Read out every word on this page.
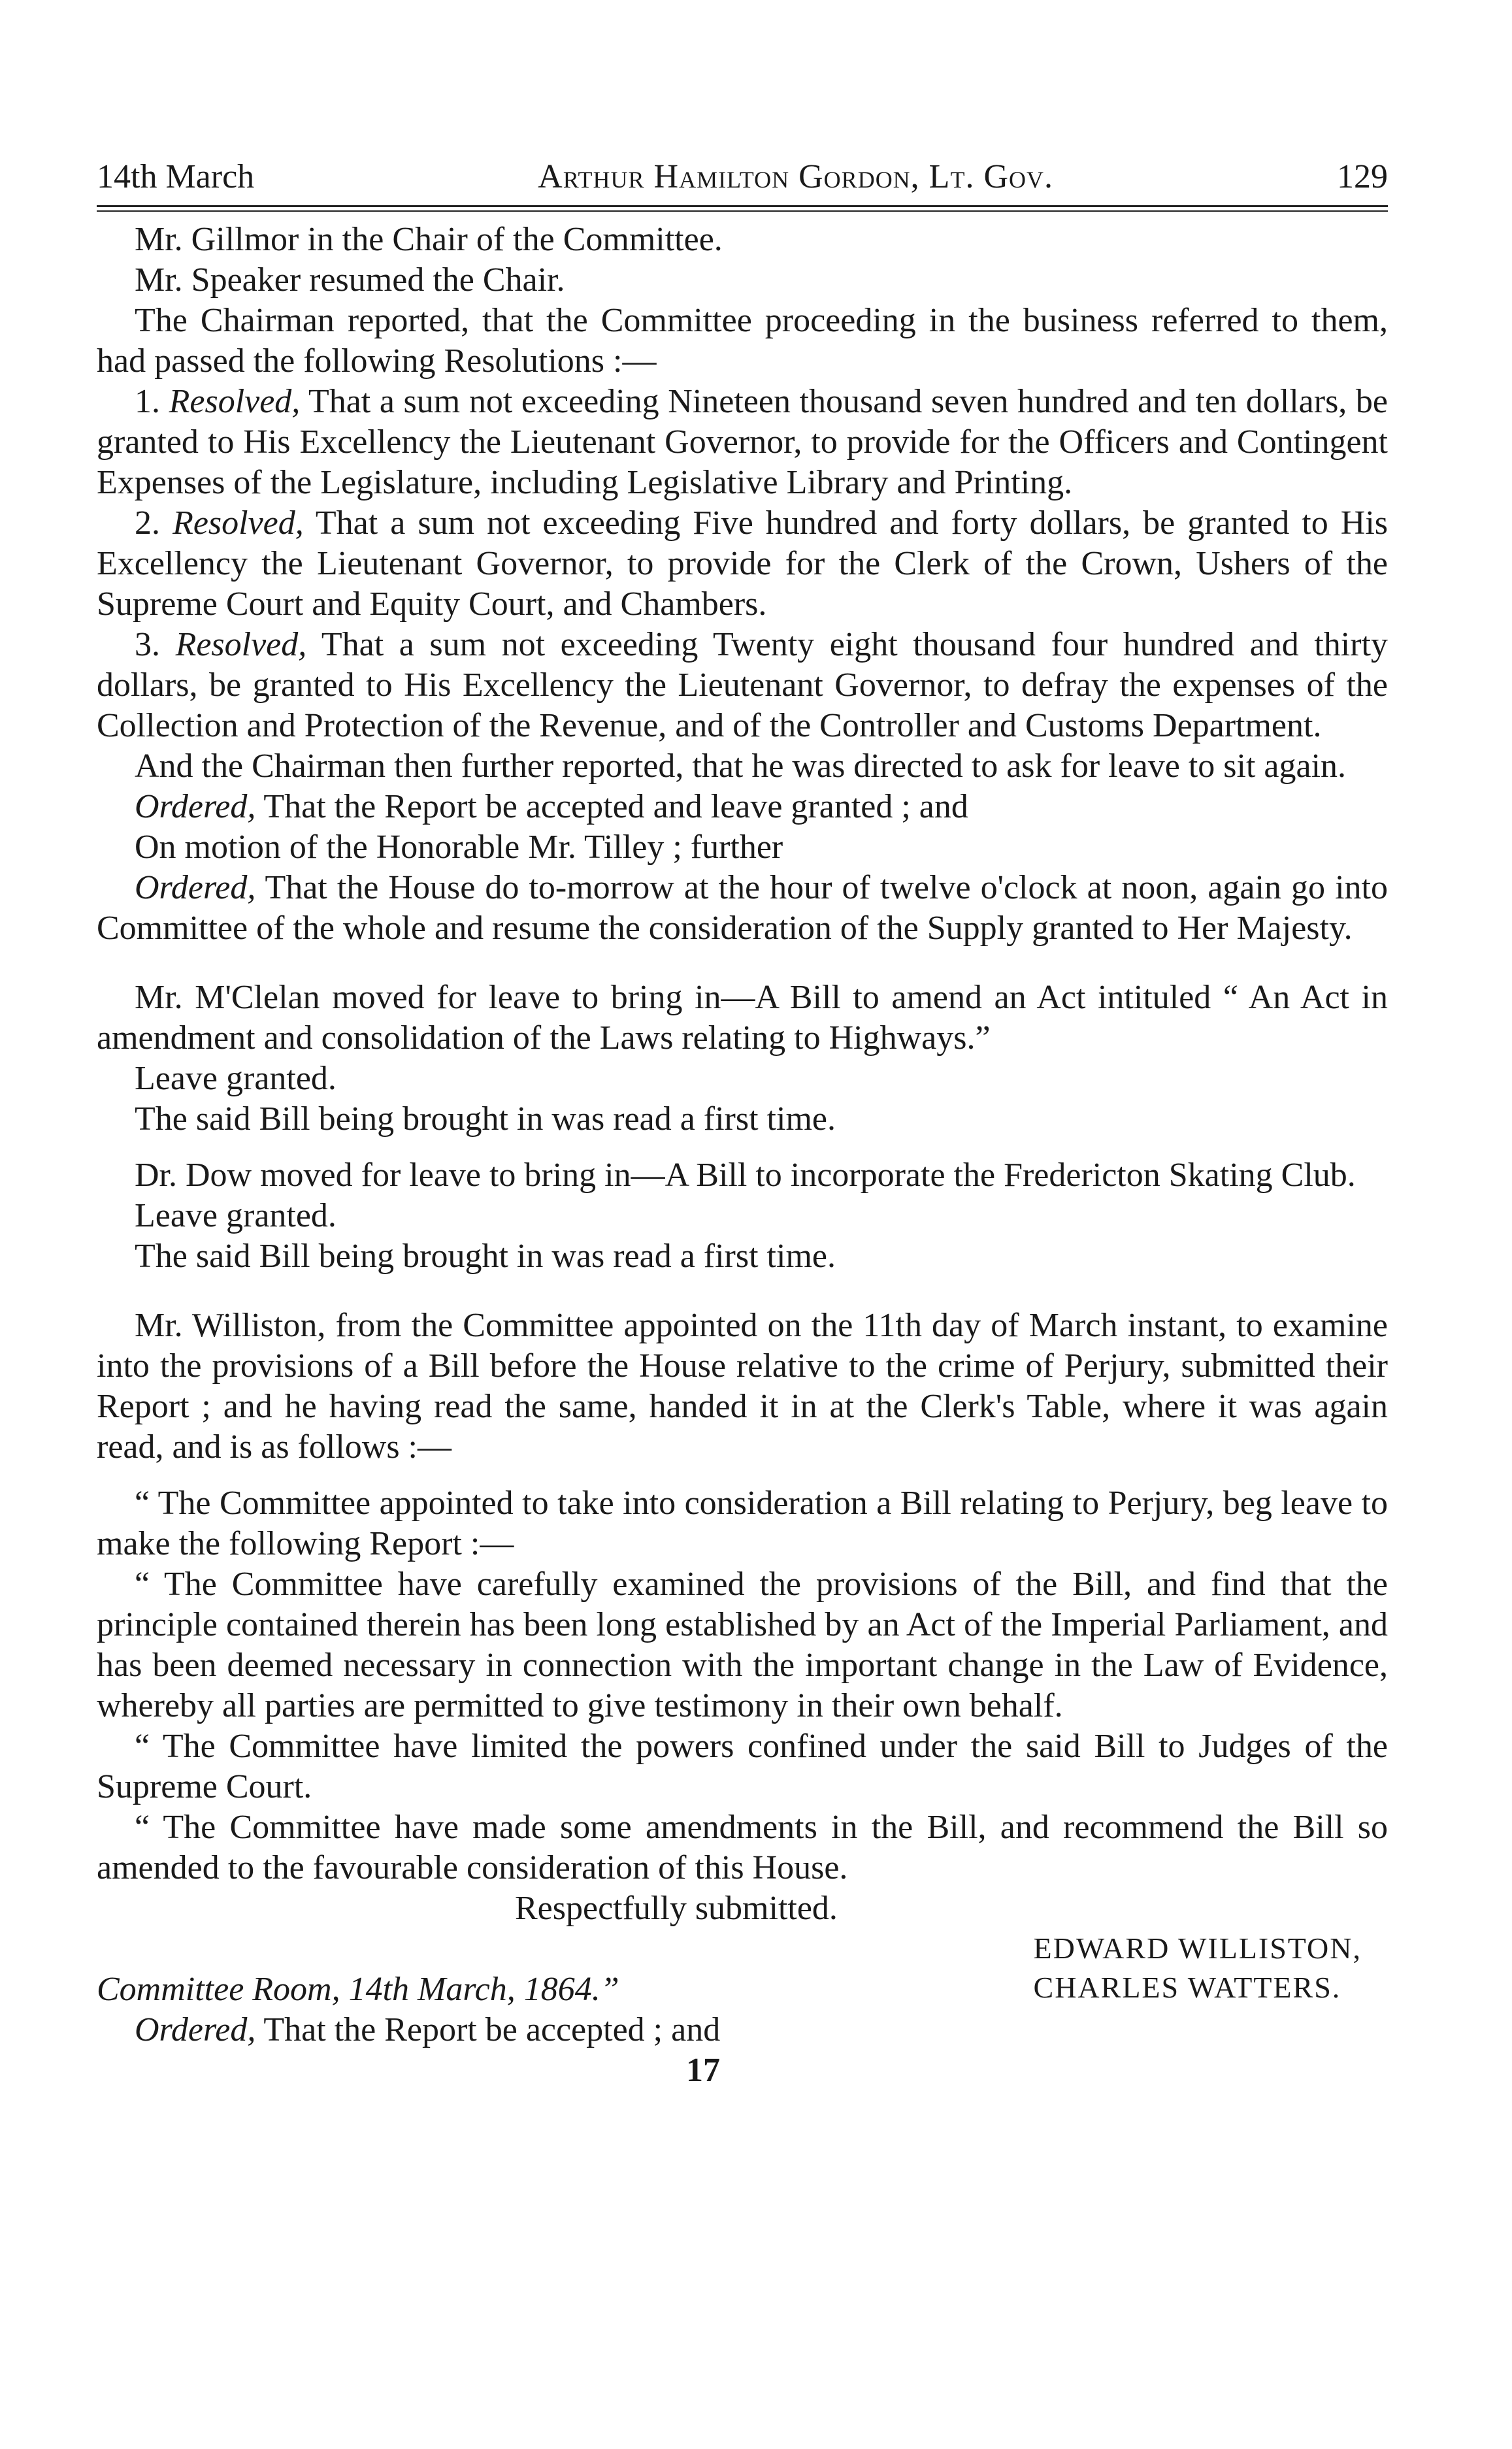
14th March	Arthur Hamilton Gordon, Lt. Gov.	129

Mr. Gillmor in the Chair of the Committee.

Mr. Speaker resumed the Chair.

The Chairman reported, that the Committee proceeding in the business referred to them, had passed the following Resolutions :—

1. Resolved, That a sum not exceeding Nineteen thousand seven hundred and ten dollars, be granted to His Excellency the Lieutenant Governor, to provide for the Officers and Contingent Expenses of the Legislature, including Legislative Library and Printing.

2. Resolved, That a sum not exceeding Five hundred and forty dollars, be granted to His Excellency the Lieutenant Governor, to provide for the Clerk of the Crown, Ushers of the Supreme Court and Equity Court, and Chambers.

3. Resolved, That a sum not exceeding Twenty eight thousand four hundred and thirty dollars, be granted to His Excellency the Lieutenant Governor, to defray the expenses of the Collection and Protection of the Revenue, and of the Controller and Customs Department.

And the Chairman then further reported, that he was directed to ask for leave to sit again.

Ordered, That the Report be accepted and leave granted ; and

On motion of the Honorable Mr. Tilley ; further

Ordered, That the House do to-morrow at the hour of twelve o'clock at noon, again go into Committee of the whole and resume the consideration of the Supply granted to Her Majesty.

Mr. M'Clelan moved for leave to bring in—A Bill to amend an Act intituled “ An Act in amendment and consolidation of the Laws relating to Highways.”

Leave granted.

The said Bill being brought in was read a first time.

Dr. Dow moved for leave to bring in—A Bill to incorporate the Fredericton Skating Club.

Leave granted.

The said Bill being brought in was read a first time.

Mr. Williston, from the Committee appointed on the 11th day of March instant, to examine into the provisions of a Bill before the House relative to the crime of Perjury, submitted their Report ; and he having read the same, handed it in at the Clerk's Table, where it was again read, and is as follows :—

“ The Committee appointed to take into consideration a Bill relating to Perjury, beg leave to make the following Report :—

“ The Committee have carefully examined the provisions of the Bill, and find that the principle contained therein has been long established by an Act of the Imperial Parliament, and has been deemed necessary in connection with the important change in the Law of Evidence, whereby all parties are permitted to give testimony in their own behalf.

“ The Committee have limited the powers confined under the said Bill to Judges of the Supreme Court.

“ The Committee have made some amendments in the Bill, and recommend the Bill so amended to the favourable consideration of this House.

Respectfully submitted.

Committee Room, 14th March, 1864.”
EDWARD WILLISTON,
CHARLES WATTERS.

Ordered, That the Report be accepted ; and

17
